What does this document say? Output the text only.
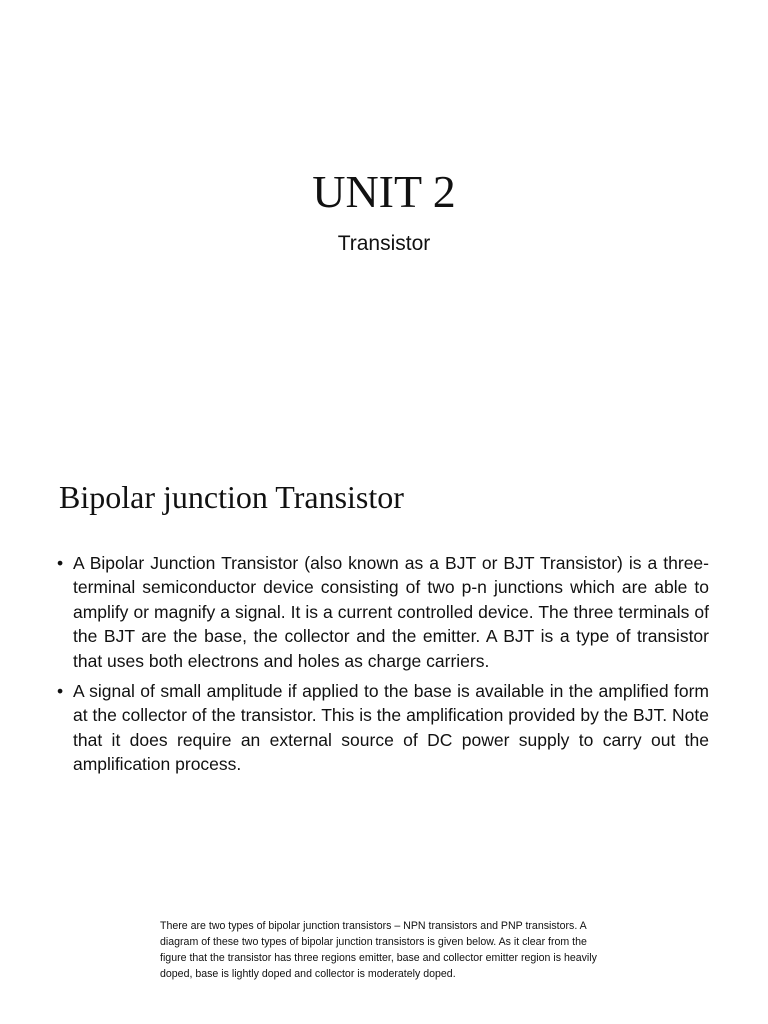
UNIT 2

Transistor

Bipolar junction Transistor
• A Bipolar Junction Transistor (also known as a BJT or BJT Transistor) is a three-terminal semiconductor device consisting of two p-n junctions which are able to amplify or magnify a signal. It is a current controlled device. The three terminals of the BJT are the base, the collector and the emitter. A BJT is a type of transistor that uses both electrons and holes as charge carriers.
• A signal of small amplitude if applied to the base is available in the amplified form at the collector of the transistor. This is the amplification provided by the BJT. Note that it does require an external source of DC power supply to carry out the amplification process.

There are two types of bipolar junction transistors – NPN transistors and PNP transistors. A diagram of these two types of bipolar junction transistors is given below. As it clear from the figure that the transistor has three regions emitter, base and collector emitter region is heavily doped, base is lightly doped and collector is moderately doped.
